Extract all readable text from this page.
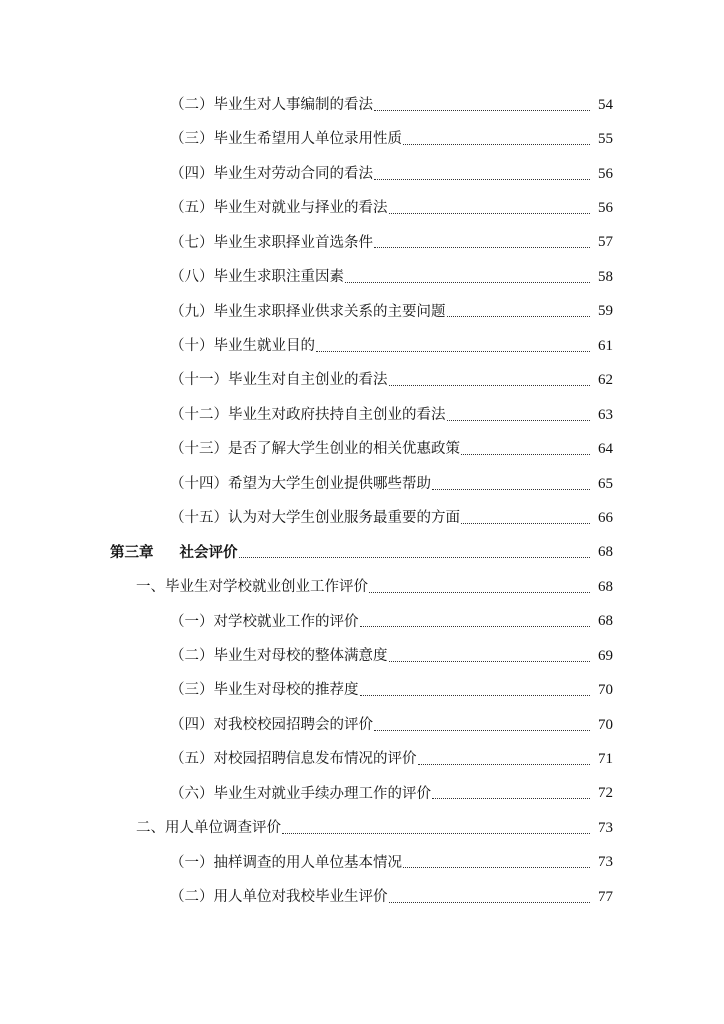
（二）毕业生对人事编制的看法	54
（三）毕业生希望用人单位录用性质	55
（四）毕业生对劳动合同的看法	56
（五）毕业生对就业与择业的看法	56
（七）毕业生求职择业首选条件	57
（八）毕业生求职注重因素	58
（九）毕业生求职择业供求关系的主要问题	59
（十）毕业生就业目的	61
（十一）毕业生对自主创业的看法	62
（十二）毕业生对政府扶持自主创业的看法	63
（十三）是否了解大学生创业的相关优惠政策	64
（十四）希望为大学生创业提供哪些帮助	65
（十五）认为对大学生创业服务最重要的方面	66
第三章 社会评价	68
一、毕业生对学校就业创业工作评价	68
（一）对学校就业工作的评价	68
（二）毕业生对母校的整体满意度	69
（三）毕业生对母校的推荐度	70
（四）对我校校园招聘会的评价	70
（五）对校园招聘信息发布情况的评价	71
（六）毕业生对就业手续办理工作的评价	72
二、用人单位调查评价	73
（一）抽样调查的用人单位基本情况	73
（二）用人单位对我校毕业生评价	77
